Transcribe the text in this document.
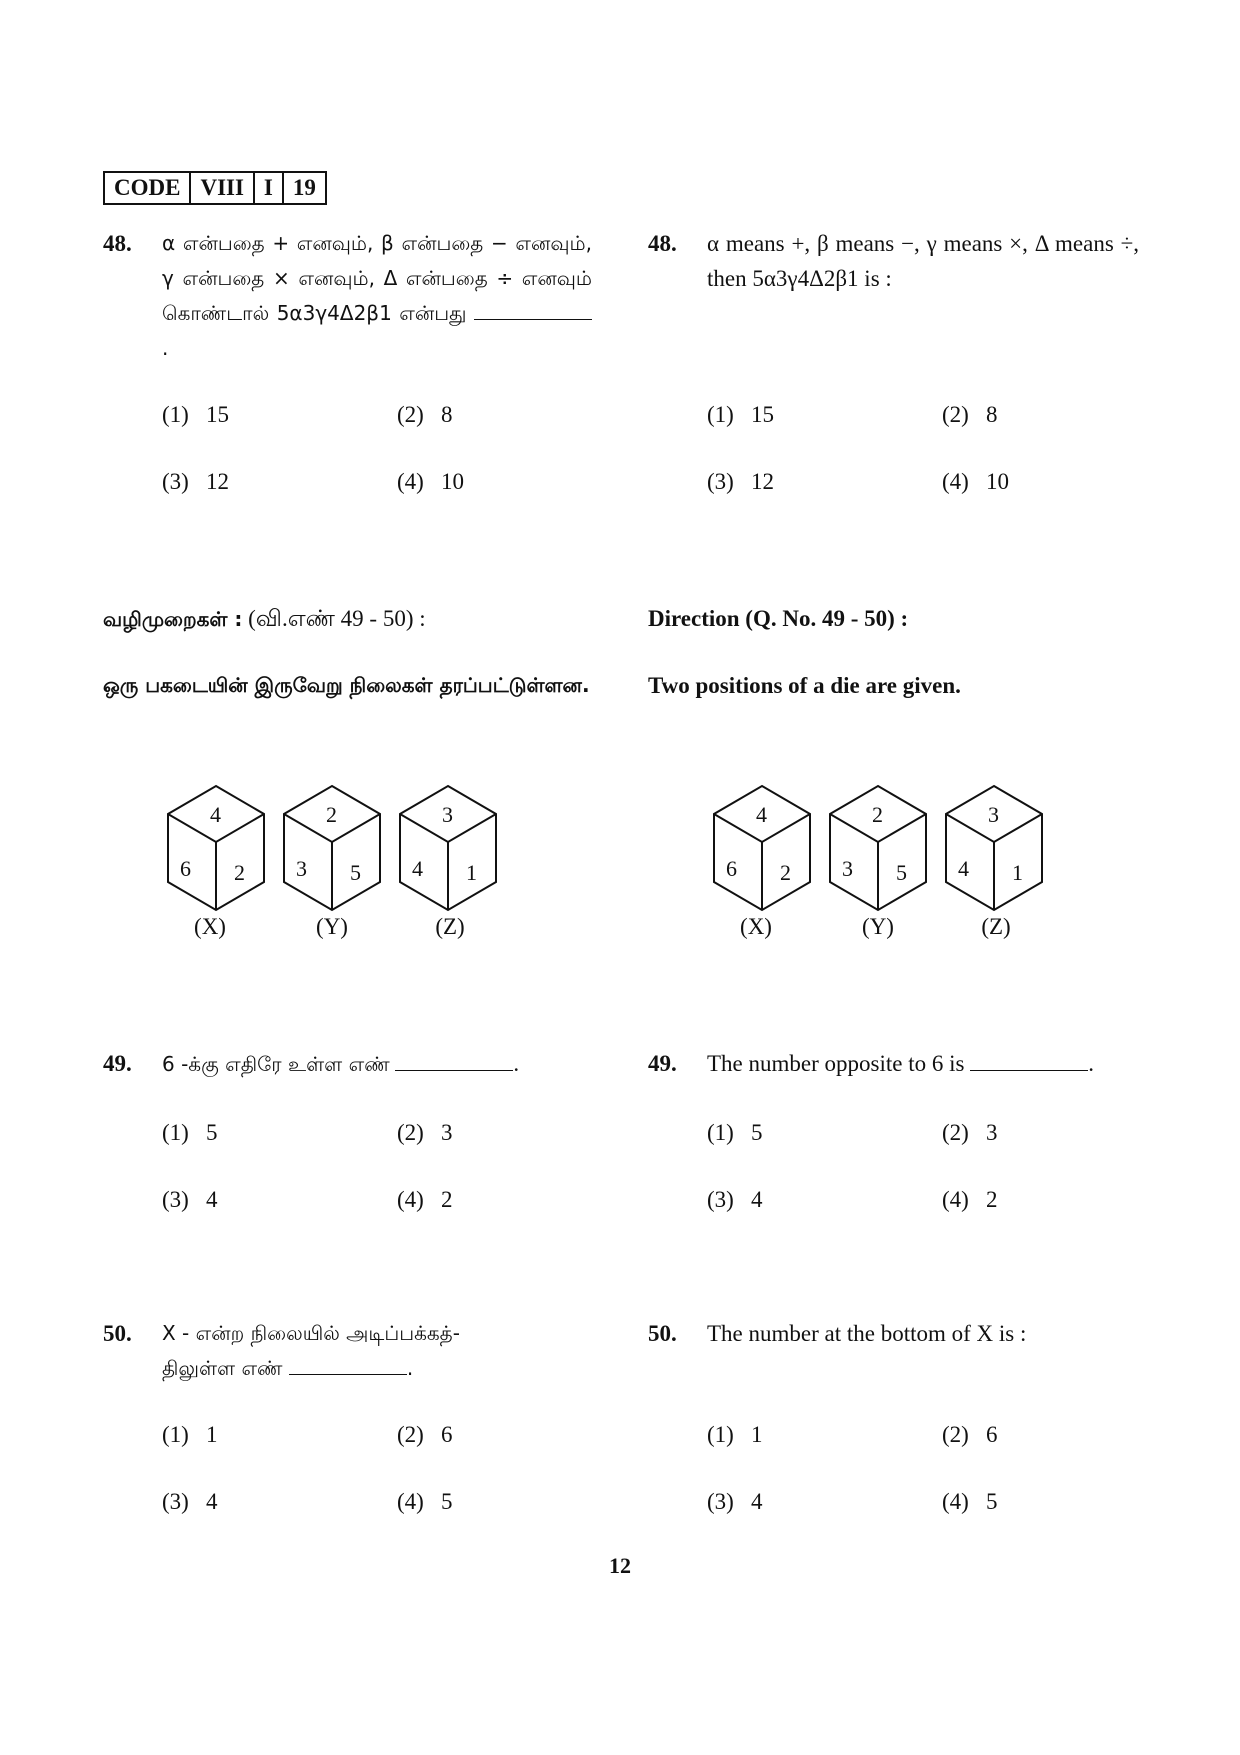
CODE VIII I 19
48. α என்பதை + எனவும், β என்பதை − எனவும், γ என்பதை × எனவும், Δ என்பதை ÷ எனவும் கொண்டால் 5α3γ4Δ2β1 என்பது .
48. α means +, β means −, γ means ×, Δ means ÷, then 5α3γ4Δ2β1 is :
(1) 15	(2) 8
(3) 12	(4) 10
(1) 15	(2) 8
(3) 12	(4) 10
வழிமுறைகள் : (வி.எண் 49 - 50) :	Direction (Q. No. 49 - 50) :
ஒரு பகடையின் இருவேறு நிலைகள் தரப்பட்டுள்ளன.	Two positions of a die are given.
4
6 2
2
3 5
3
4 1
(X)	(Y)	(Z)
4
6 2
2
3 5
3
4 1
(X)	(Y)	(Z)
49. 6 -க்கு எதிரே உள்ள எண்	.	49. The number opposite to 6 is	.
(1) 5	(2) 3
(3) 4	(4) 2
(1) 5	(2) 3
(3) 4	(4) 2
50. X - என்ற நிலையில் அடிப்பக்கத்-
திலுள்ள எண்	.
50. The number at the bottom of X is :
(1) 1	(2) 6
(3) 4	(4) 5
(1) 1	(2) 6
(3) 4	(4) 5
12
